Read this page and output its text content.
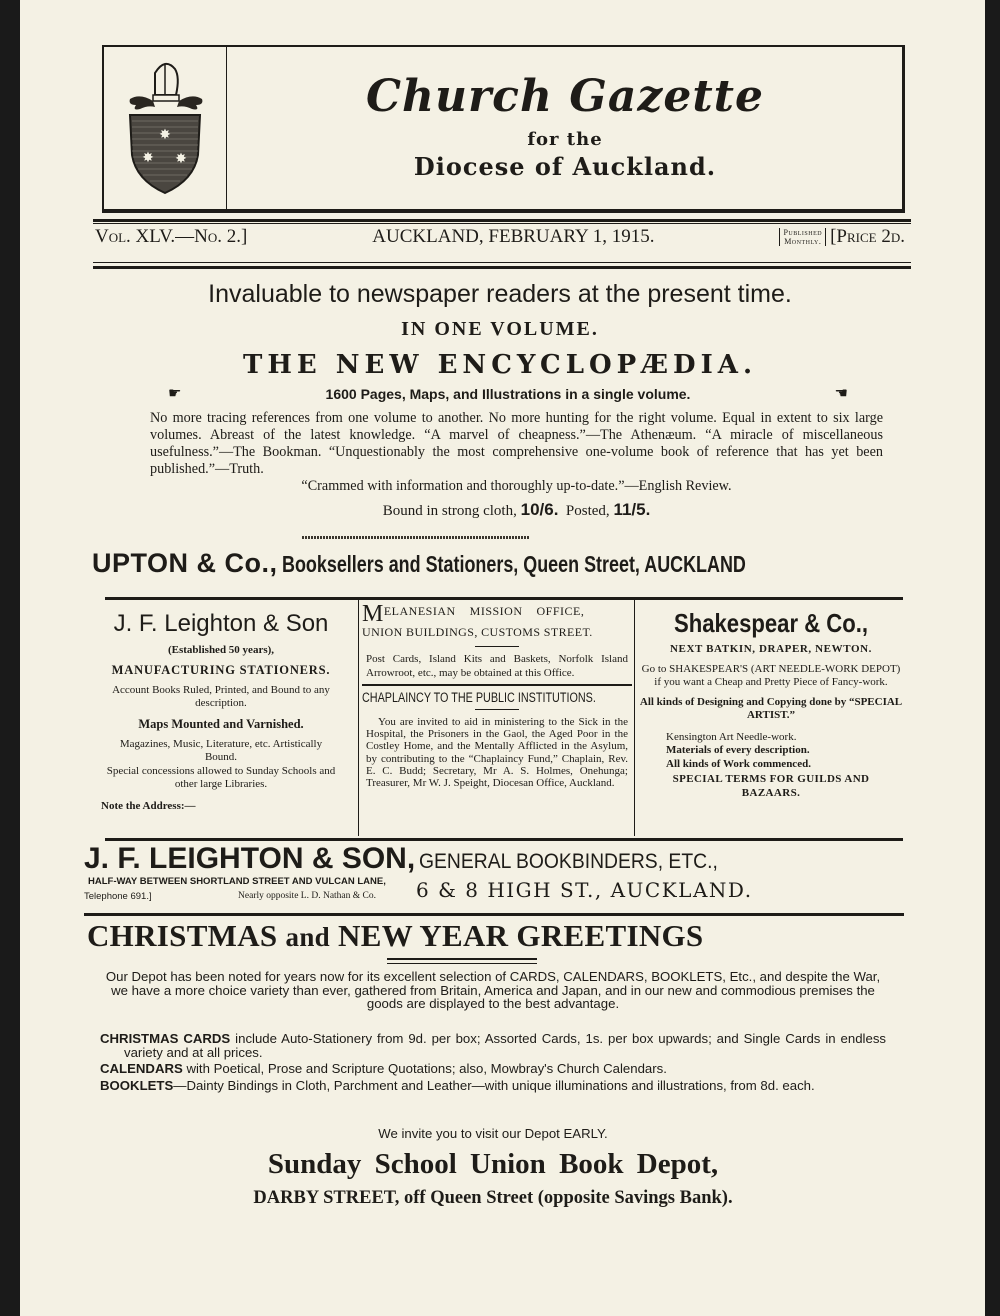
✸
✸ ✸
Church Gazette
for the
Diocese of Auckland.
Vol. XLV.—No. 2.]	AUCKLAND, FEBRUARY 1, 1915.	Published
Monthly. [Price 2d.
Invaluable to newspaper readers at the present time.
IN ONE VOLUME.
THE NEW ENCYCLOPÆDIA.
☛	1600 Pages, Maps, and Illustrations in a single volume.	☚
No more tracing references from one volume to another. No more hunting for the right volume. Equal in extent to six large volumes. Abreast of the latest knowledge. “A marvel of cheapness.”—The Athenæum. “A miracle of miscellaneous usefulness.”—The Bookman. “Unquestionably the most comprehensive one-volume book of reference that has yet been published.”—Truth.
“Crammed with information and thoroughly up-to-date.”—English Review.
Bound in strong cloth, 10/6. Posted, 11/5.
UPTON & Co., Booksellers and Stationers, Queen Street, AUCKLAND
J. F. Leighton & Son
(Established 50 years),
MANUFACTURING STATIONERS.
Account Books Ruled, Printed, and Bound to any description.
Maps Mounted and Varnished.
Magazines, Music, Literature, etc. Artistically Bound.
Special concessions allowed to Sunday Schools and other large Libraries.
Note the Address:—
MELANESIAN    MISSION    OFFICE,
UNION BUILDINGS, CUSTOMS STREET.
Post Cards, Island Kits and Baskets, Norfolk Island Arrowroot, etc., may be obtained at this Office.
CHAPLAINCY TO THE PUBLIC INSTITUTIONS.
You are invited to aid in ministering to the Sick in the Hospital, the Prisoners in the Gaol, the Aged Poor in the Costley Home, and the Mentally Afflicted in the Asylum, by contributing to the “Chaplaincy Fund,” Chaplain, Rev. E. C. Budd; Secretary, Mr A. S. Holmes, Onehunga; Treasurer, Mr W. J. Speight, Diocesan Office, Auckland.
Shakespear & Co.,
NEXT BATKIN, DRAPER, NEWTON.
Go to SHAKESPEAR'S (ART NEEDLE-WORK DEPOT) if you want a Cheap and Pretty Piece of Fancy-work.
All kinds of Designing and Copying done by “SPECIAL ARTIST.”
Kensington Art Needle-work.
Materials of every description.
All kinds of Work commenced.
SPECIAL TERMS FOR GUILDS AND BAZAARS.
J. F. LEIGHTON & SON, GENERAL BOOKBINDERS, ETC.,
HALF-WAY BETWEEN SHORTLAND STREET AND VULCAN LANE,
Telephone 691.]	Nearly opposite L. D. Nathan & Co. 6 & 8 HIGH ST., AUCKLAND.
CHRISTMAS and NEW YEAR GREETINGS
Our Depot has been noted for years now for its excellent selection of CARDS, CALENDARS, BOOKLETS, Etc., and despite the War, we have a more choice variety than ever, gathered from Britain, America and Japan, and in our new and commodious premises the goods are displayed to the best advantage.
CHRISTMAS CARDS include Auto-Stationery from 9d. per box; Assorted Cards, 1s. per box upwards; and Single Cards in endless variety and at all prices.
CALENDARS with Poetical, Prose and Scripture Quotations; also, Mowbray's Church Calendars.
BOOKLETS—Dainty Bindings in Cloth, Parchment and Leather—with unique illuminations and illustrations, from 8d. each.
We invite you to visit our Depot EARLY.
Sunday School Union Book Depot,
DARBY STREET, off Queen Street (opposite Savings Bank).
